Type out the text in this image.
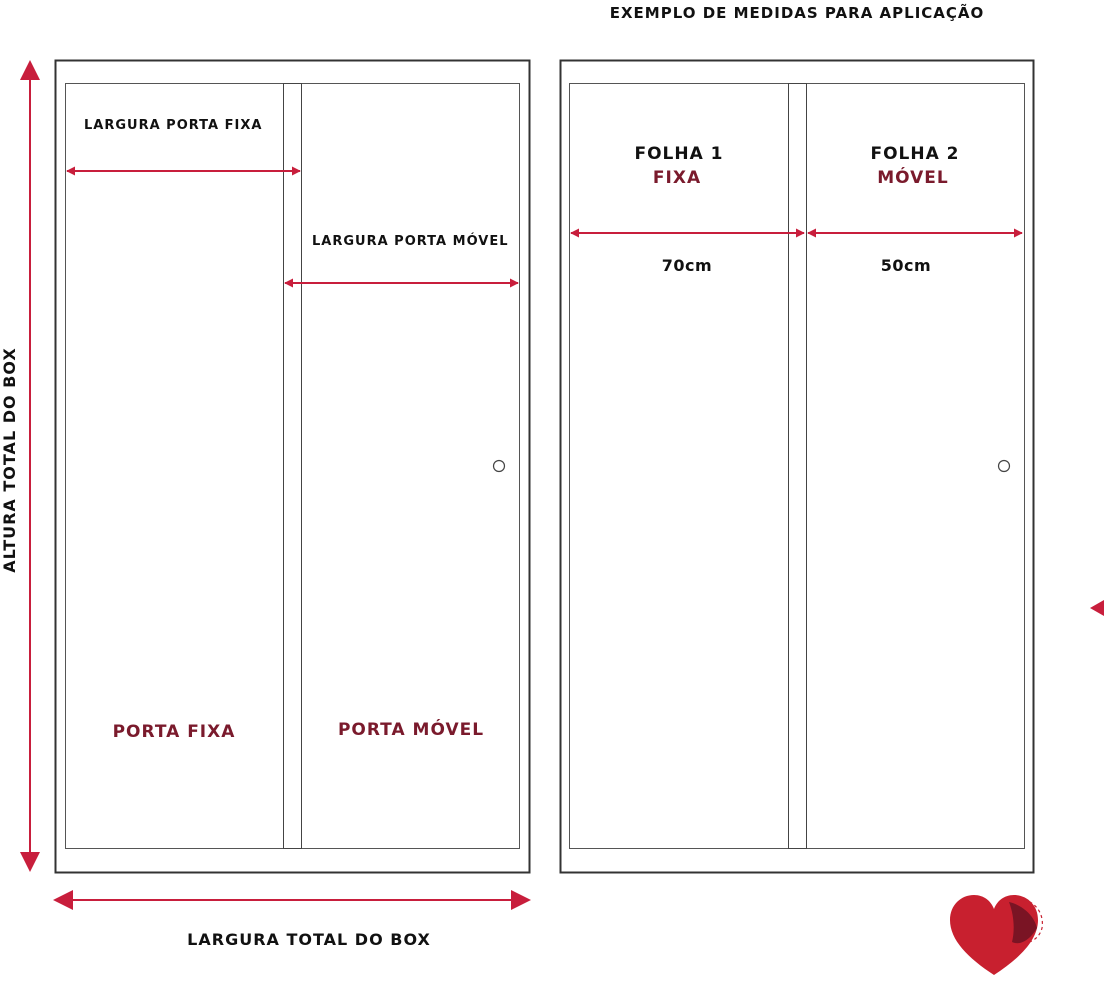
EXEMPLO DE MEDIDAS PARA APLICAÇÃO
LARGURA PORTA FIXA
LARGURA PORTA MÓVEL
PORTA FIXA	PORTA MÓVEL
LARGURA TOTAL DO BOX
ALTURA TOTAL DO BOX
FOLHA 1
FIXA
FOLHA 2
MÓVEL
70cm	50cm
